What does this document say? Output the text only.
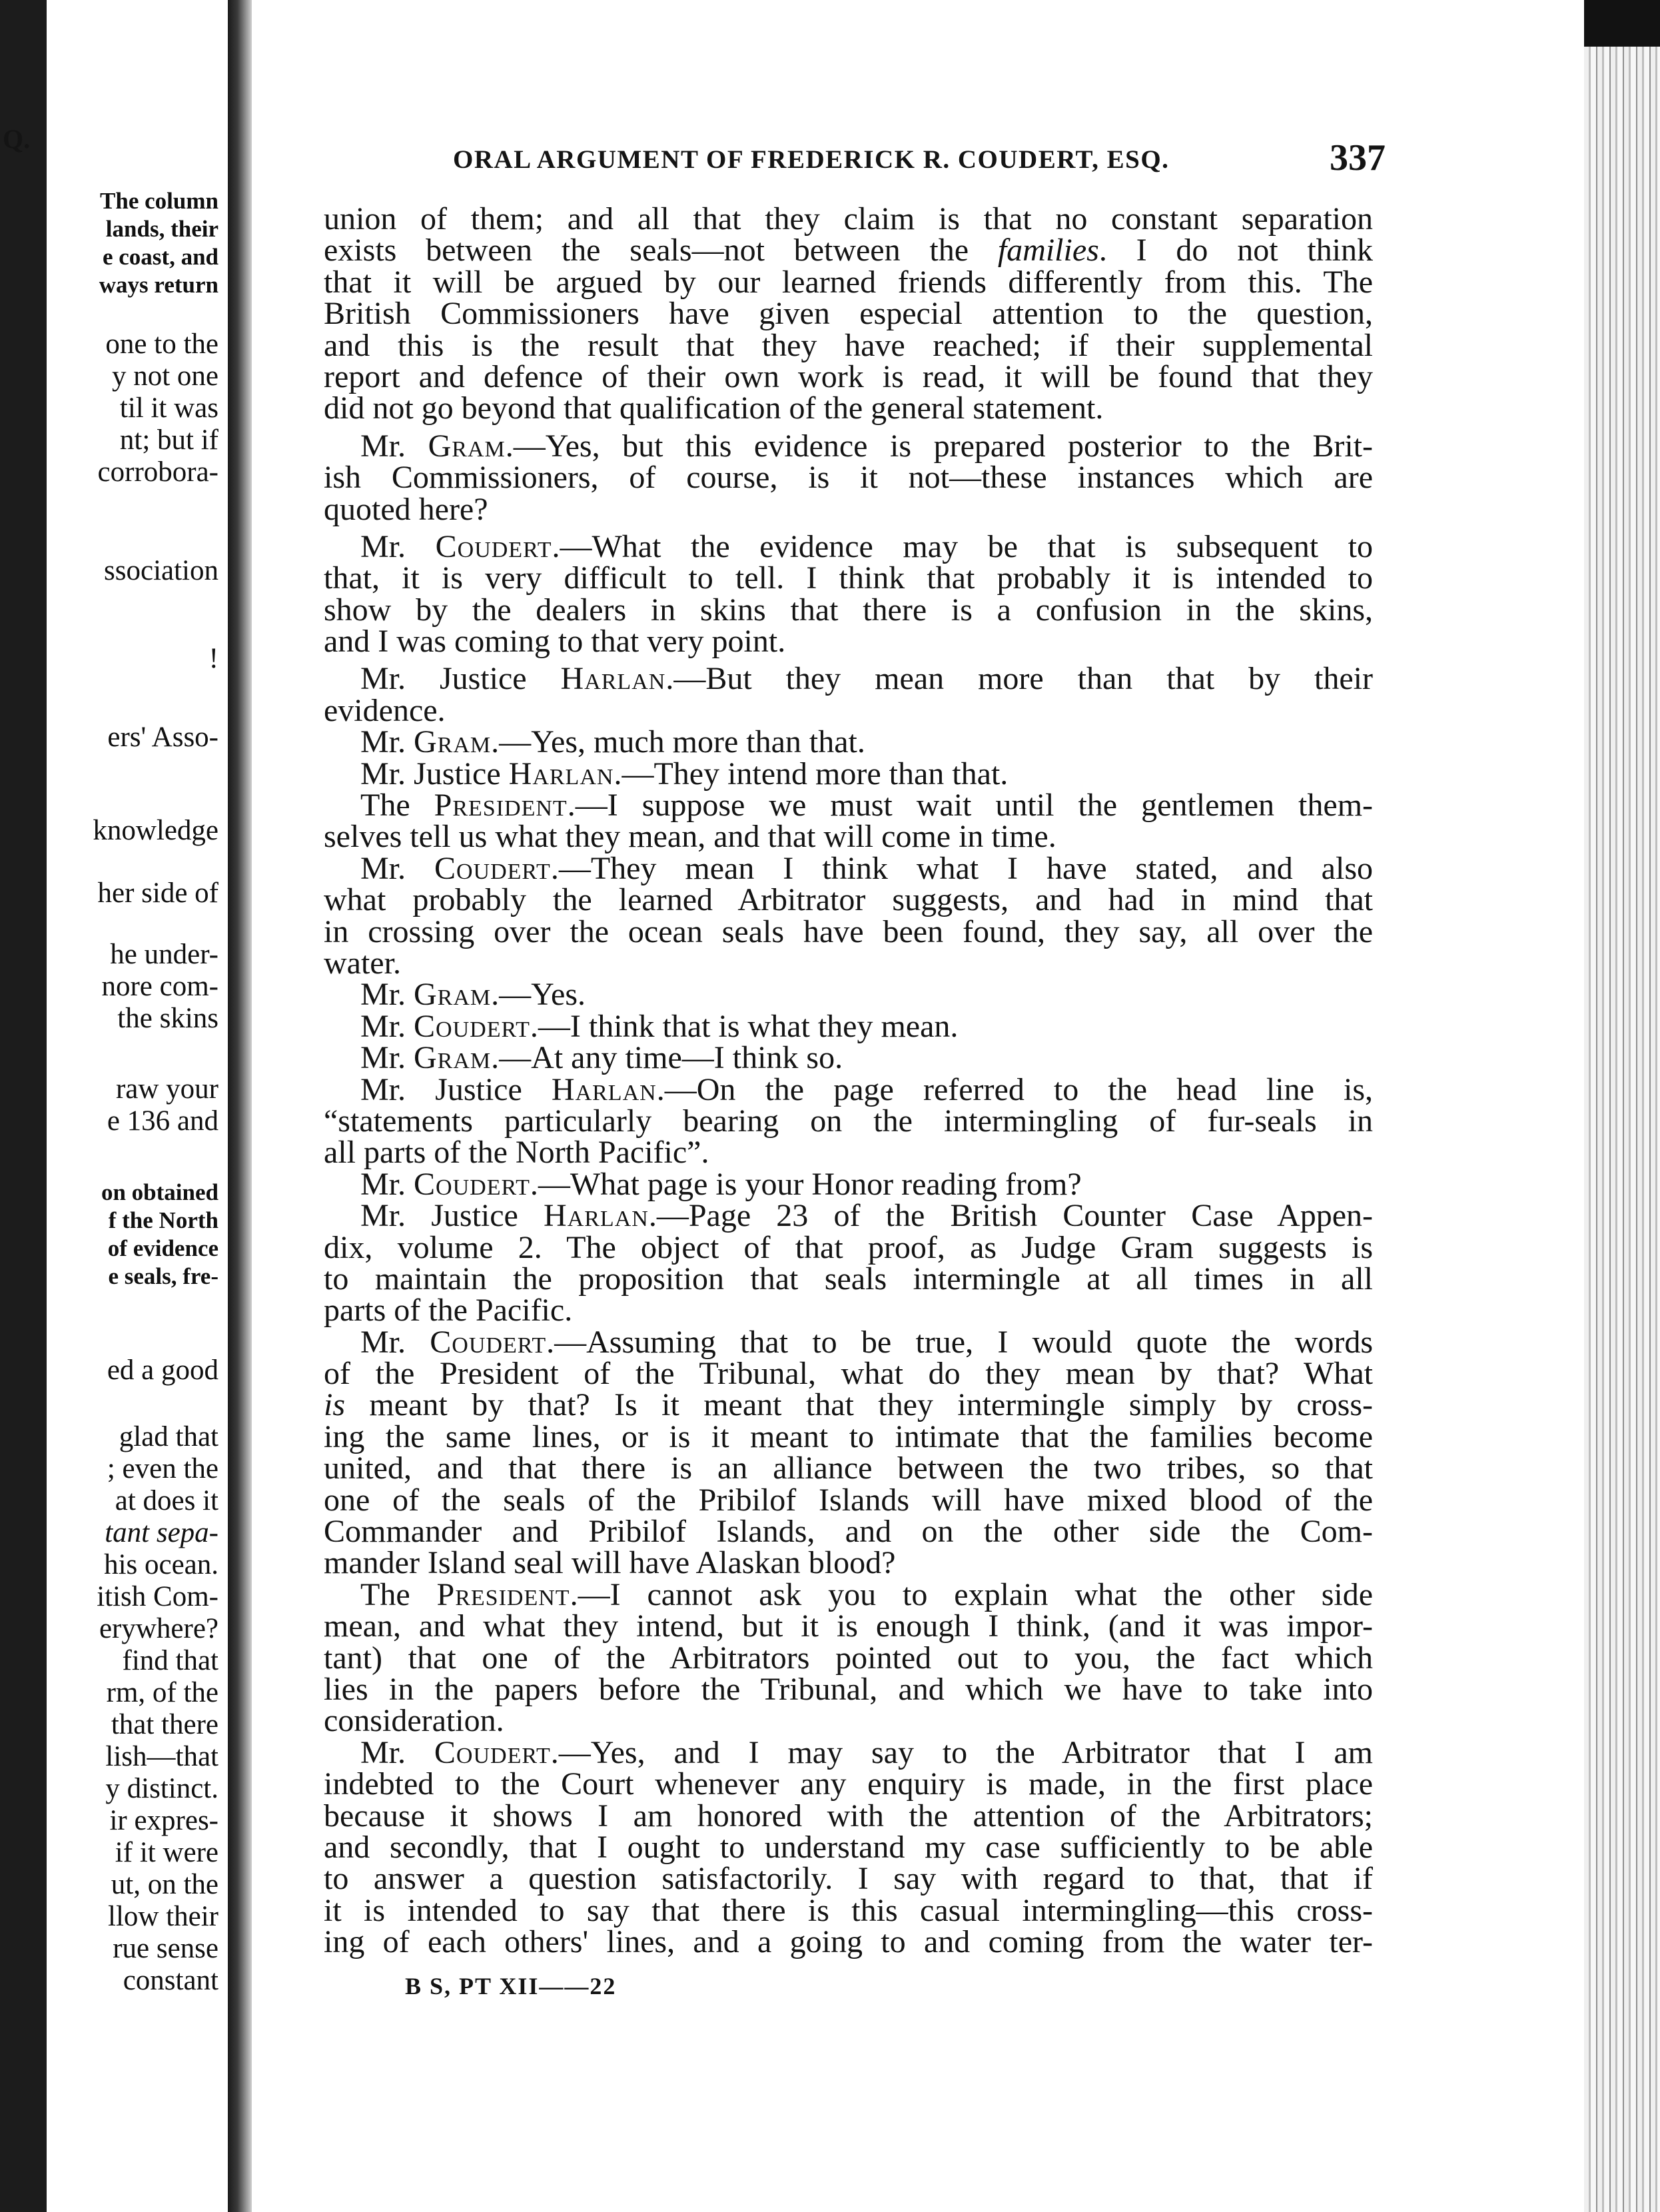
Q.
The column
lands, their
e coast, and
ways return
one to the
y not one
til it was
nt; but if
corrobora-
ssociation
!
ers' Asso-
knowledge
her side of
he under-
nore com-
the skins
raw your
e 136 and
on obtained
f the North
of evidence
e seals, fre-
ed a good
glad that
; even the
at does it
tant sepa-
his ocean.
itish Com-
erywhere?
find that
rm, of the
that there
lish—that
y distinct.
ir expres-
if it were
ut, on the
llow their
rue sense
constant
ORAL ARGUMENT OF FREDERICK R. COUDERT, ESQ.	337
union of them; and all that they claim is that no constant separation
exists between the seals—not between the families. I do not think
that it will be argued by our learned friends differently from this. The
British Commissioners have given especial attention to the question,
and this is the result that they have reached; if their supplemental
report and defence of their own work is read, it will be found that they
did not go beyond that qualification of the general statement.
Mr. Gram.—Yes, but this evidence is prepared posterior to the Brit-
ish Commissioners, of course, is it not—these instances which are
quoted here?
Mr. Coudert.—What the evidence may be that is subsequent to
that, it is very difficult to tell. I think that probably it is intended to
show by the dealers in skins that there is a confusion in the skins,
and I was coming to that very point.
Mr. Justice Harlan.—But they mean more than that by their
evidence.
Mr. Gram.—Yes, much more than that.
Mr. Justice Harlan.—They intend more than that.
The President.—I suppose we must wait until the gentlemen them-
selves tell us what they mean, and that will come in time.
Mr. Coudert.—They mean I think what I have stated, and also
what probably the learned Arbitrator suggests, and had in mind that
in crossing over the ocean seals have been found, they say, all over the
water.
Mr. Gram.—Yes.
Mr. Coudert.—I think that is what they mean.
Mr. Gram.—At any time—I think so.
Mr. Justice Harlan.—On the page referred to the head line is,
“statements particularly bearing on the intermingling of fur-seals in
all parts of the North Pacific”.
Mr. Coudert.—What page is your Honor reading from?
Mr. Justice Harlan.—Page 23 of the British Counter Case Appen-
dix, volume 2. The object of that proof, as Judge Gram suggests is
to maintain the proposition that seals intermingle at all times in all
parts of the Pacific.
Mr. Coudert.—Assuming that to be true, I would quote the words
of the President of the Tribunal, what do they mean by that? What
is meant by that? Is it meant that they intermingle simply by cross-
ing the same lines, or is it meant to intimate that the families become
united, and that there is an alliance between the two tribes, so that
one of the seals of the Pribilof Islands will have mixed blood of the
Commander and Pribilof Islands, and on the other side the Com-
mander Island seal will have Alaskan blood?
The President.—I cannot ask you to explain what the other side
mean, and what they intend, but it is enough I think, (and it was impor-
tant) that one of the Arbitrators pointed out to you, the fact which
lies in the papers before the Tribunal, and which we have to take into
consideration.
Mr. Coudert.—Yes, and I may say to the Arbitrator that I am
indebted to the Court whenever any enquiry is made, in the first place
because it shows I am honored with the attention of the Arbitrators;
and secondly, that I ought to understand my case sufficiently to be able
to answer a question satisfactorily. I say with regard to that, that if
it is intended to say that there is this casual intermingling—this cross-
ing of each others' lines, and a going to and coming from the water ter-
B S, PT XII——22
